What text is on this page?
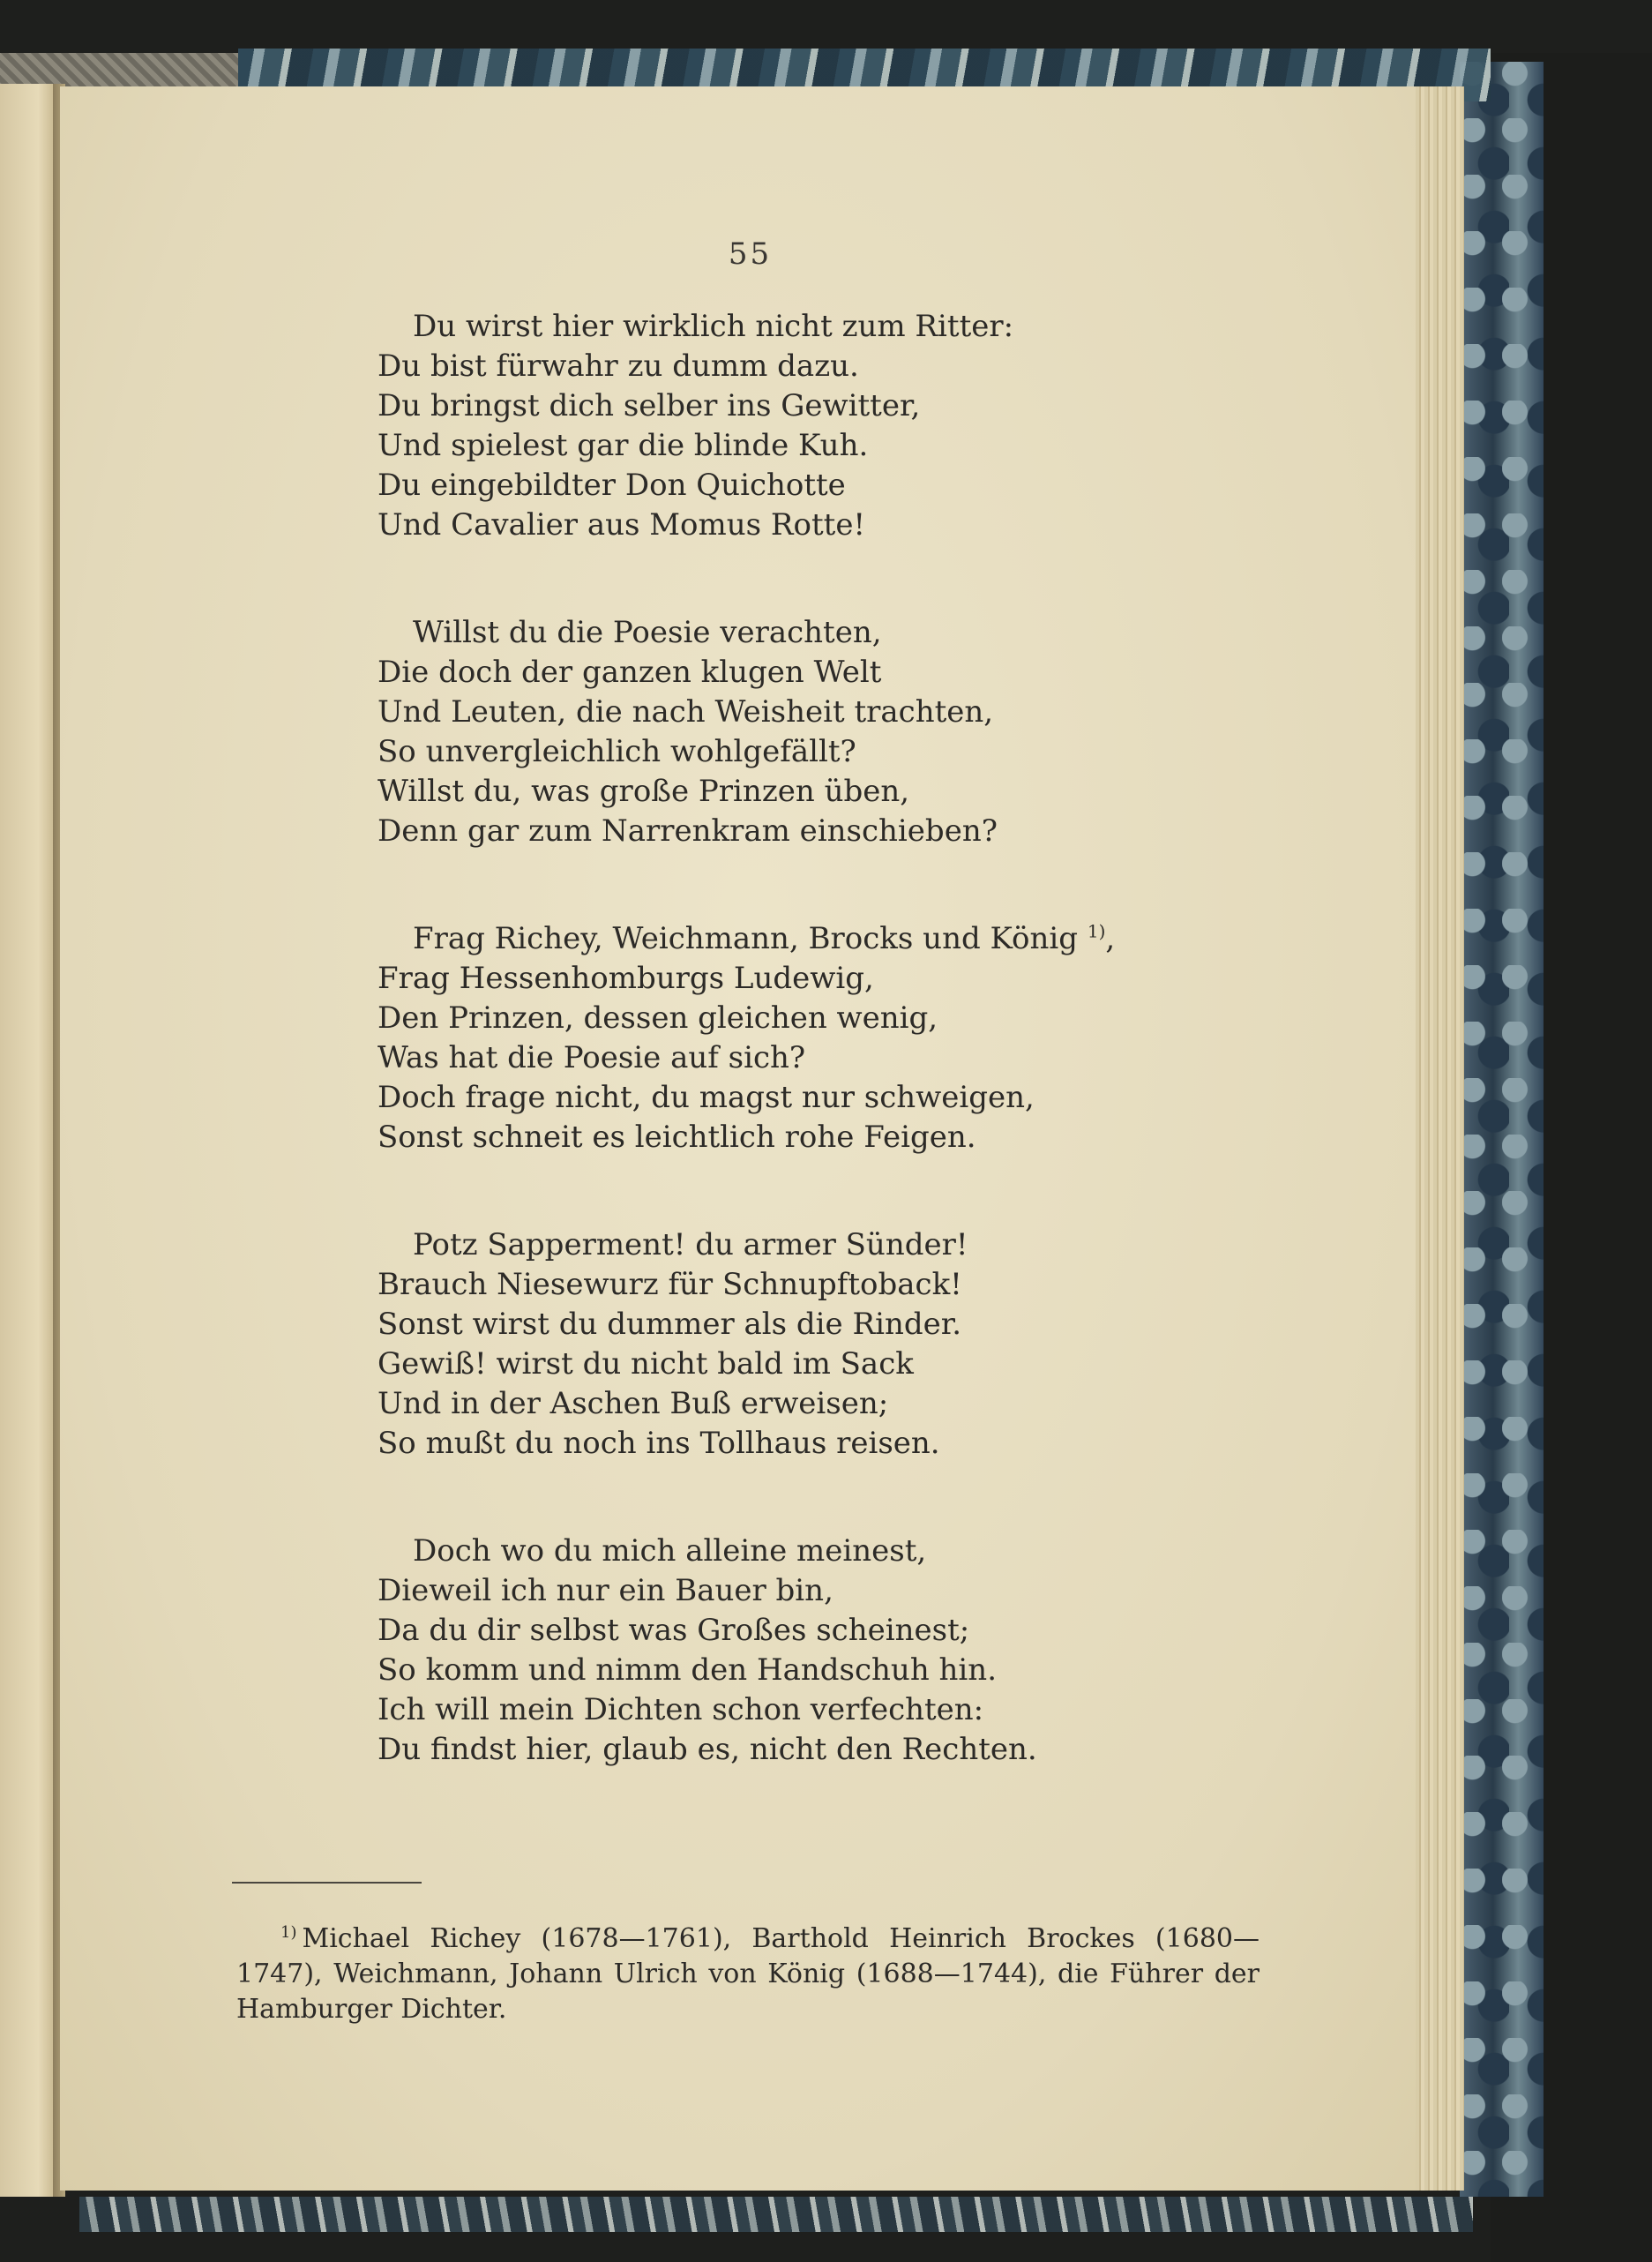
55
Du wirst hier wirklich nicht zum Ritter:
Du bist fürwahr zu dumm dazu.
Du bringst dich selber ins Gewitter,
Und spielest gar die blinde Kuh.
Du eingebildter Don Quichotte
Und Cavalier aus Momus Rotte!
Willst du die Poesie verachten,
Die doch der ganzen klugen Welt
Und Leuten, die nach Weisheit trachten,
So unvergleichlich wohlgefällt?
Willst du, was große Prinzen üben,
Denn gar zum Narrenkram einschieben?
Frag Richey, Weichmann, Brocks und König $^{1)}$,
Frag Hessenhomburgs Ludewig,
Den Prinzen, dessen gleichen wenig,
Was hat die Poesie auf sich?
Doch frage nicht, du magst nur schweigen,
Sonst schneit es leichtlich rohe Feigen.
Potz Sapperment! du armer Sünder!
Brauch Niesewurz für Schnupftoback!
Sonst wirst du dummer als die Rinder.
Gewiß! wirst du nicht bald im Sack
Und in der Aschen Buß erweisen;
So mußt du noch ins Tollhaus reisen.
Doch wo du mich alleine meinest,
Dieweil ich nur ein Bauer bin,
Da du dir selbst was Großes scheinest;
So komm und nimm den Handschuh hin.
Ich will mein Dichten schon verfechten:
Du findst hier, glaub es, nicht den Rechten.
$^{1)}$ Michael Richey (1678—1761), Barthold Heinrich Brockes (1680—1747), Weichmann, Johann Ulrich von König (1688—1744), die Führer der Hamburger Dichter.
